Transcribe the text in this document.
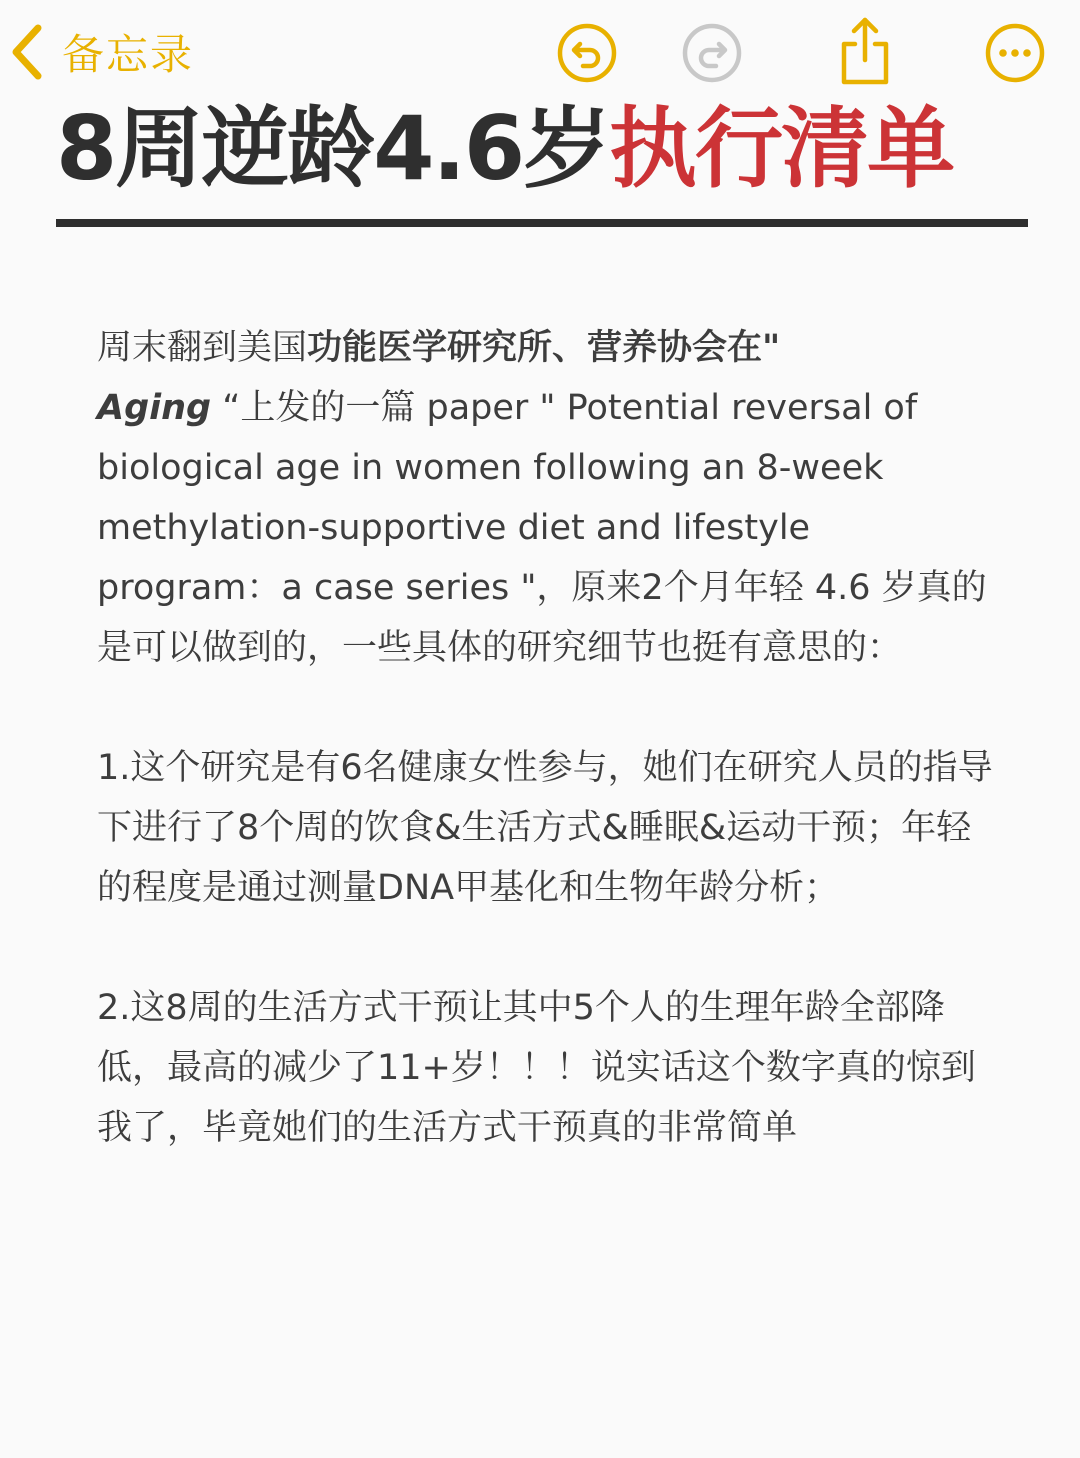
备忘录
8周逆龄4.6岁执行清单

周末翻到美国功能医学研究所、营养协会在"
Aging “上发的一篇 paper " Potential reversal of biological age in women following an 8-week methylation-supportive diet and lifestyle program：a case series "，原来2个月年轻 4.6 岁真的是可以做到的，一些具体的研究细节也挺有意思的：

1.这个研究是有6名健康女性参与，她们在研究人员的指导下进行了8个周的饮食&生活方式&睡眠&运动干预；年轻的程度是通过测量DNA甲基化和生物年龄分析；

2.这8周的生活方式干预让其中5个人的生理年龄全部降低，最高的减少了11+岁！！！说实话这个数字真的惊到我了，毕竟她们的生活方式干预真的非常简单
